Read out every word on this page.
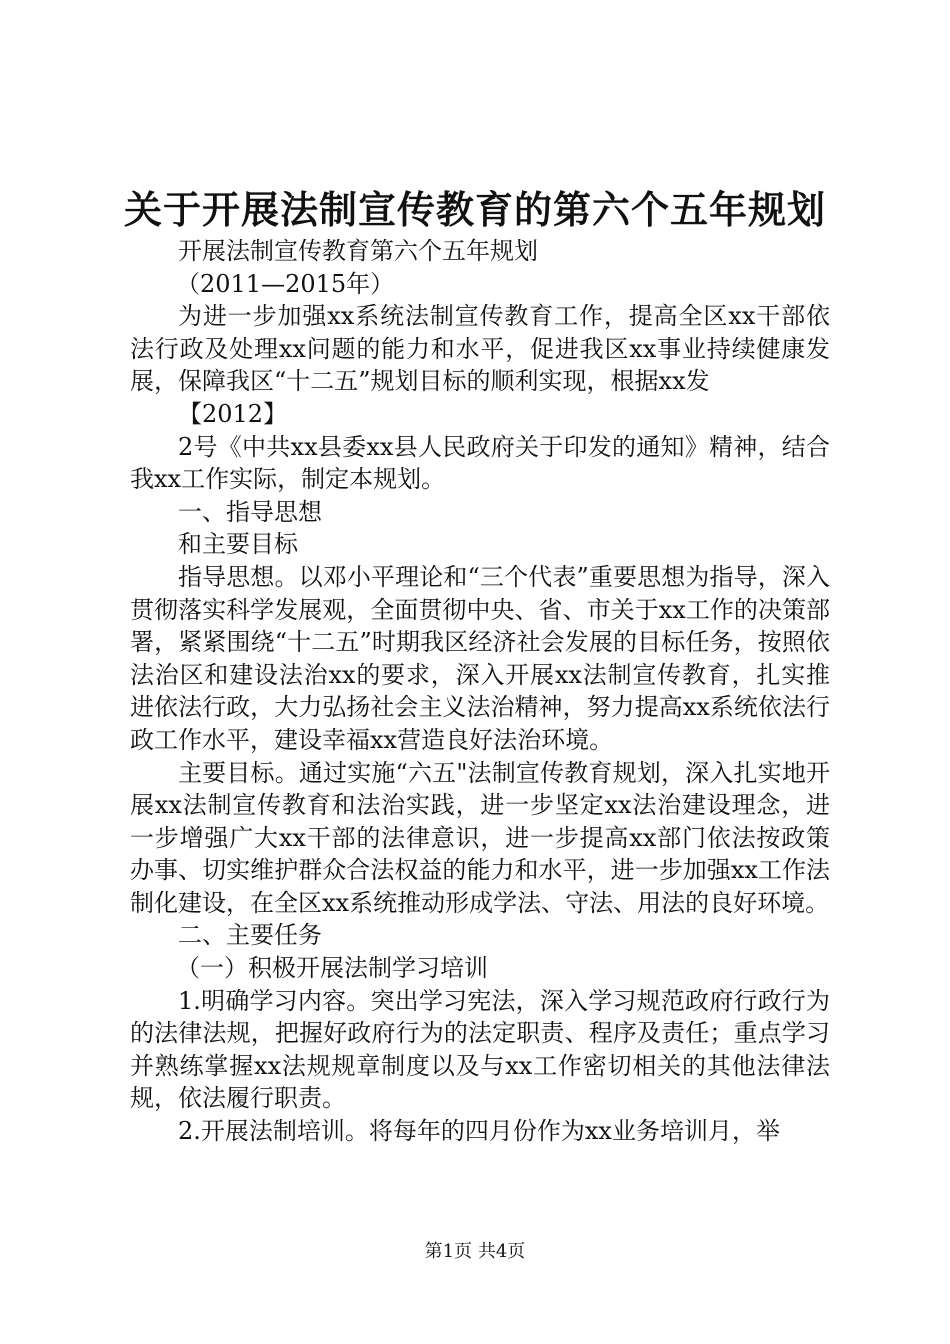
关于开展法制宣传教育的第六个五年规划

开展法制宣传教育第六个五年规划

（2011—2015年）

为进一步加强xx系统法制宣传教育工作，提高全区xx干部依法行政及处理xx问题的能力和水平，促进我区xx事业持续健康发展，保障我区“十二五”规划目标的顺利实现，根据xx发

【2012】

2号《中共xx县委xx县人民政府关于印发的通知》精神，结合我xx工作实际，制定本规划。

一、指导思想

和主要目标

指导思想。以邓小平理论和“三个代表”重要思想为指导，深入贯彻落实科学发展观，全面贯彻中央、省、市关于xx工作的决策部署，紧紧围绕“十二五”时期我区经济社会发展的目标任务，按照依法治区和建设法治xx的要求，深入开展xx法制宣传教育，扎实推进依法行政，大力弘扬社会主义法治精神，努力提高xx系统依法行政工作水平，建设幸福xx营造良好法治环境。

主要目标。通过实施“六五"法制宣传教育规划，深入扎实地开展xx法制宣传教育和法治实践，进一步坚定xx法治建设理念，进一步增强广大xx干部的法律意识，进一步提高xx部门依法按政策办事、切实维护群众合法权益的能力和水平，进一步加强xx工作法制化建设，在全区xx系统推动形成学法、守法、用法的良好环境。

二、主要任务

（一）积极开展法制学习培训

1.明确学习内容。突出学习宪法，深入学习规范政府行政行为的法律法规，把握好政府行为的法定职责、程序及责任；重点学习并熟练掌握xx法规规章制度以及与xx工作密切相关的其他法律法规，依法履行职责。

2.开展法制培训。将每年的四月份作为xx业务培训月，举

第1页 共4页
